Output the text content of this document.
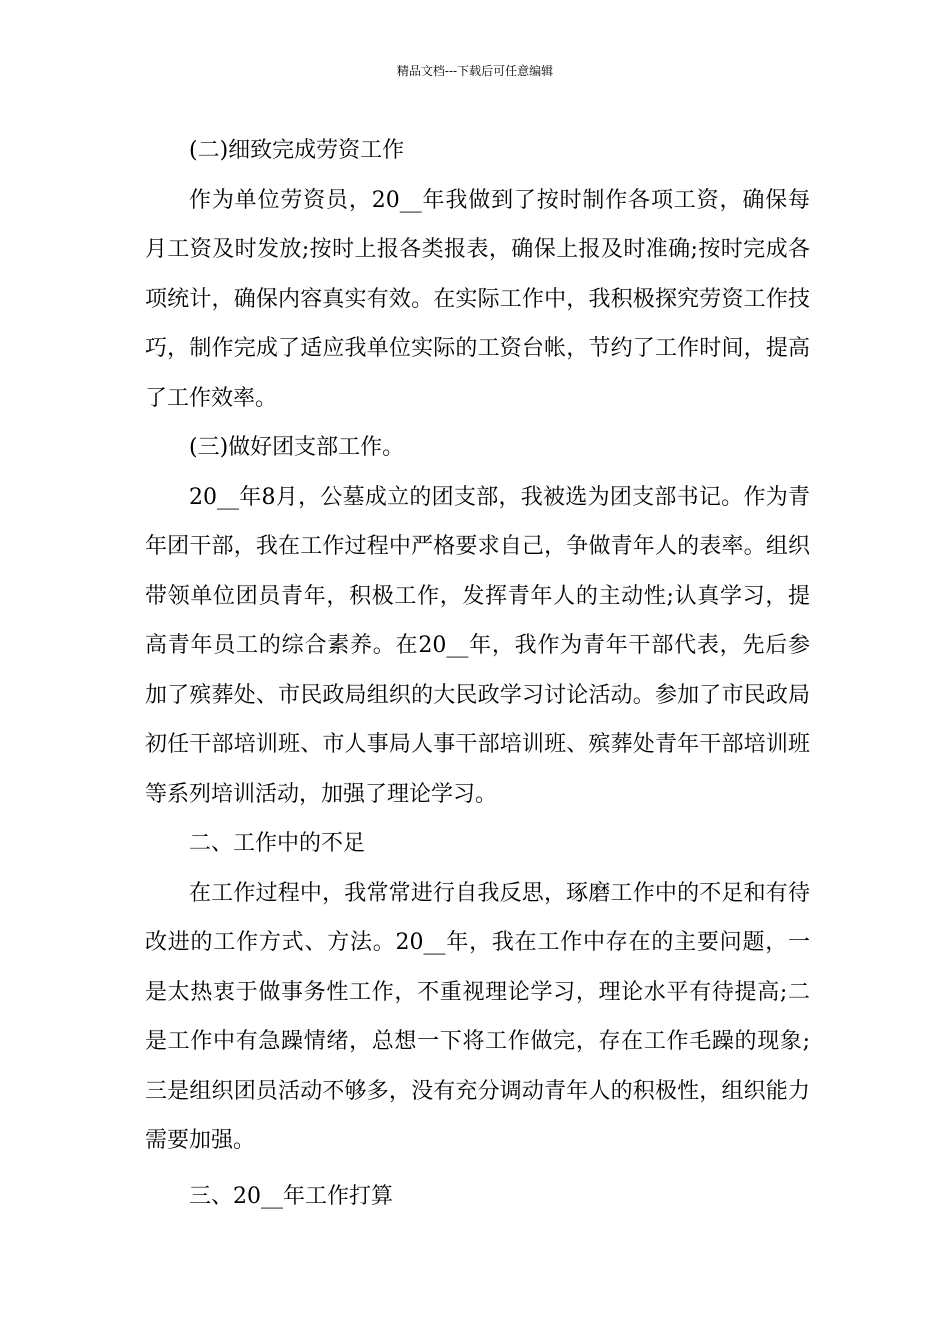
精品文档---下载后可任意编辑

(二)细致完成劳资工作

作为单位劳资员，20__年我做到了按时制作各项工资，确保每月工资及时发放;按时上报各类报表，确保上报及时准确;按时完成各项统计，确保内容真实有效。在实际工作中，我积极探究劳资工作技巧，制作完成了适应我单位实际的工资台帐，节约了工作时间，提高了工作效率。

(三)做好团支部工作。

20__年8月，公墓成立的团支部，我被选为团支部书记。作为青年团干部，我在工作过程中严格要求自己，争做青年人的表率。组织带领单位团员青年，积极工作，发挥青年人的主动性;认真学习，提高青年员工的综合素养。在20__年，我作为青年干部代表，先后参加了殡葬处、市民政局组织的大民政学习讨论活动。参加了市民政局初任干部培训班、市人事局人事干部培训班、殡葬处青年干部培训班等系列培训活动，加强了理论学习。

二、工作中的不足

在工作过程中，我常常进行自我反思，琢磨工作中的不足和有待改进的工作方式、方法。20__年，我在工作中存在的主要问题，一是太热衷于做事务性工作，不重视理论学习，理论水平有待提高;二是工作中有急躁情绪，总想一下将工作做完，存在工作毛躁的现象;三是组织团员活动不够多，没有充分调动青年人的积极性，组织能力需要加强。

三、20__年工作打算
